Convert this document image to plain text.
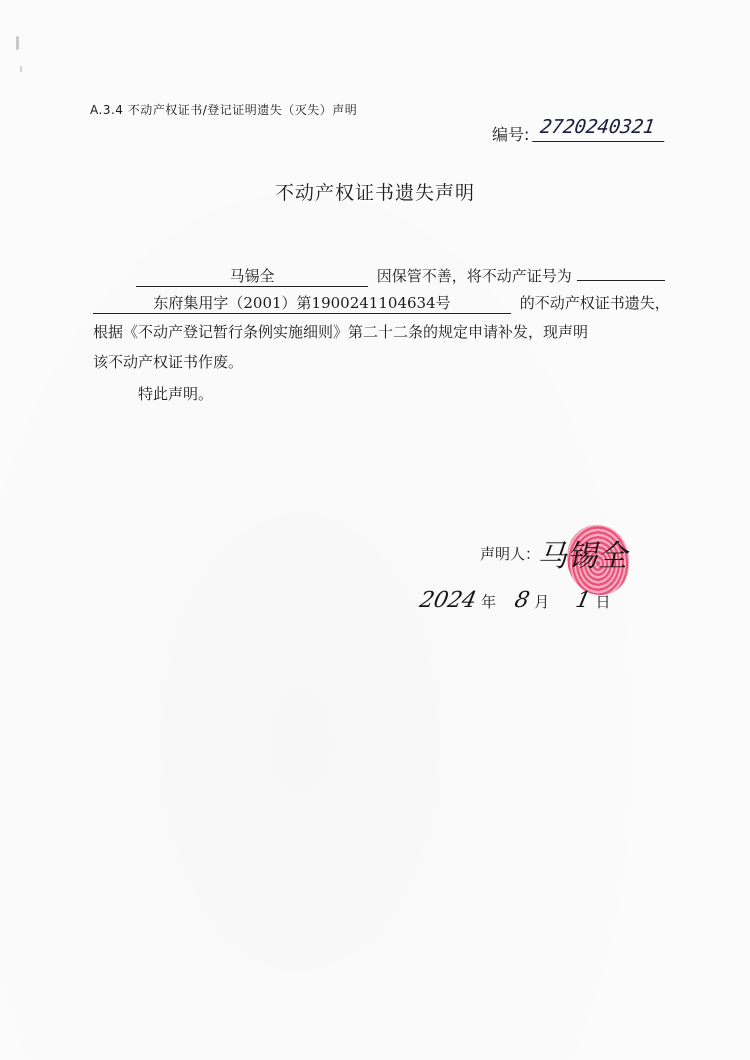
A.3.4 不动产权证书/登记证明遗失（灭失）声明
编号: 2720240321
不动产权证书遗失声明
马锡全	因保管不善，将不动产证号为
东府集用字（2001）第1900241104634号	的不动产权证书遗失，
根据《不动产登记暂行条例实施细则》第二十二条的规定申请补发，现声明
该不动产权证书作废。
特此声明。
声明人：
马锡全
2024 年 8 月 1 日
